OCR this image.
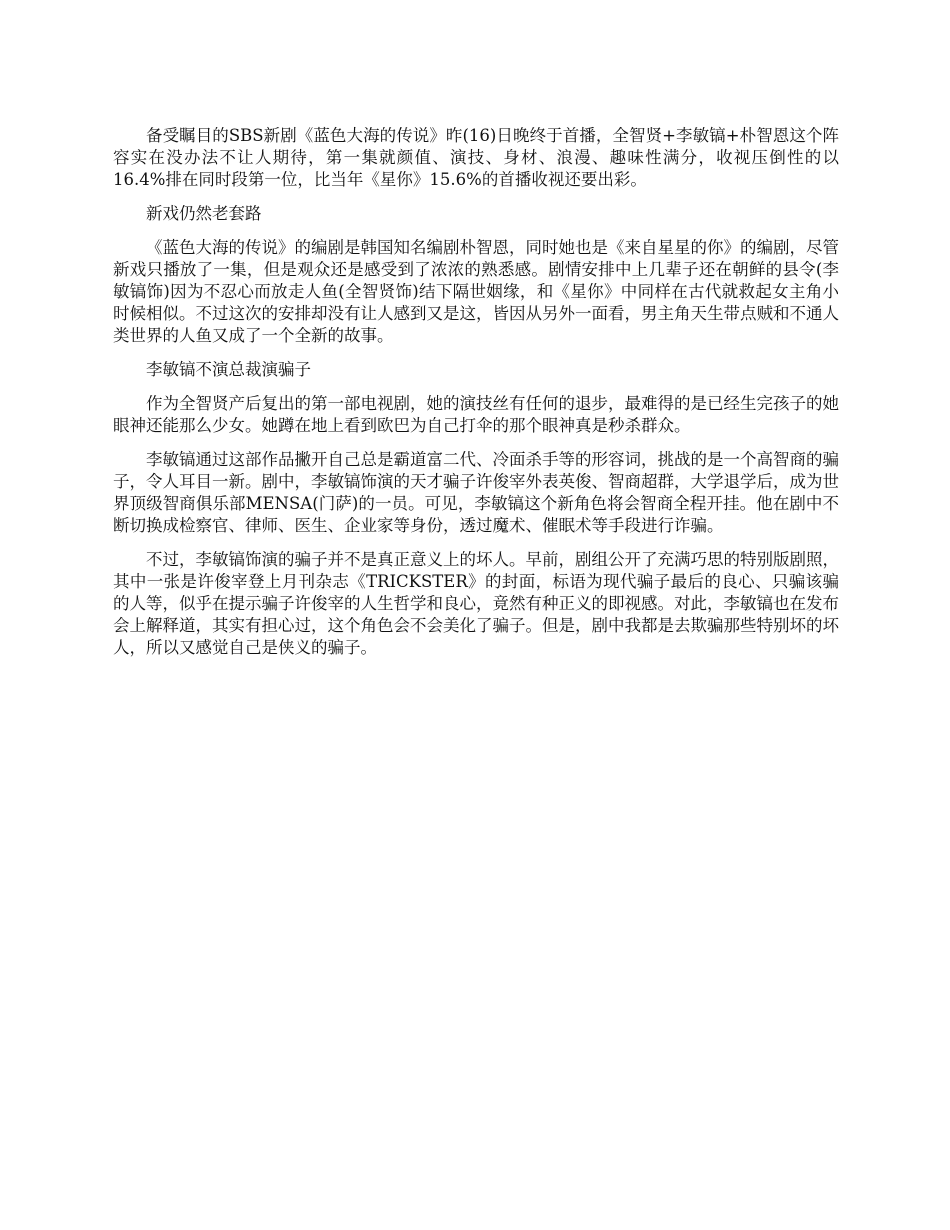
备受瞩目的SBS新剧《蓝色大海的传说》昨(16)日晚终于首播，全智贤+李敏镐+朴智恩这个阵容实在没办法不让人期待，第一集就颜值、演技、身材、浪漫、趣味性满分，收视压倒性的以16.4%排在同时段第一位，比当年《星你》15.6%的首播收视还要出彩。

新戏仍然老套路

《蓝色大海的传说》的编剧是韩国知名编剧朴智恩，同时她也是《来自星星的你》的编剧，尽管新戏只播放了一集，但是观众还是感受到了浓浓的熟悉感。剧情安排中上几辈子还在朝鲜的县令(李敏镐饰)因为不忍心而放走人鱼(全智贤饰)结下隔世姻缘，和《星你》中同样在古代就救起女主角小时候相似。不过这次的安排却没有让人感到又是这，皆因从另外一面看，男主角天生带点贼和不通人类世界的人鱼又成了一个全新的故事。

李敏镐不演总裁演骗子

作为全智贤产后复出的第一部电视剧，她的演技丝有任何的退步，最难得的是已经生完孩子的她眼神还能那么少女。她蹲在地上看到欧巴为自己打伞的那个眼神真是秒杀群众。

李敏镐通过这部作品撇开自己总是霸道富二代、冷面杀手等的形容词，挑战的是一个高智商的骗子，令人耳目一新。剧中，李敏镐饰演的天才骗子许俊宰外表英俊、智商超群，大学退学后，成为世界顶级智商俱乐部MENSA(门萨)的一员。可见，李敏镐这个新角色将会智商全程开挂。他在剧中不断切换成检察官、律师、医生、企业家等身份，透过魔术、催眠术等手段进行诈骗。

不过，李敏镐饰演的骗子并不是真正意义上的坏人。早前，剧组公开了充满巧思的特别版剧照，其中一张是许俊宰登上月刊杂志《TRICKSTER》的封面，标语为现代骗子最后的良心、只骗该骗的人等，似乎在提示骗子许俊宰的人生哲学和良心，竟然有种正义的即视感。对此，李敏镐也在发布会上解释道，其实有担心过，这个角色会不会美化了骗子。但是，剧中我都是去欺骗那些特别坏的坏人，所以又感觉自己是侠义的骗子。
